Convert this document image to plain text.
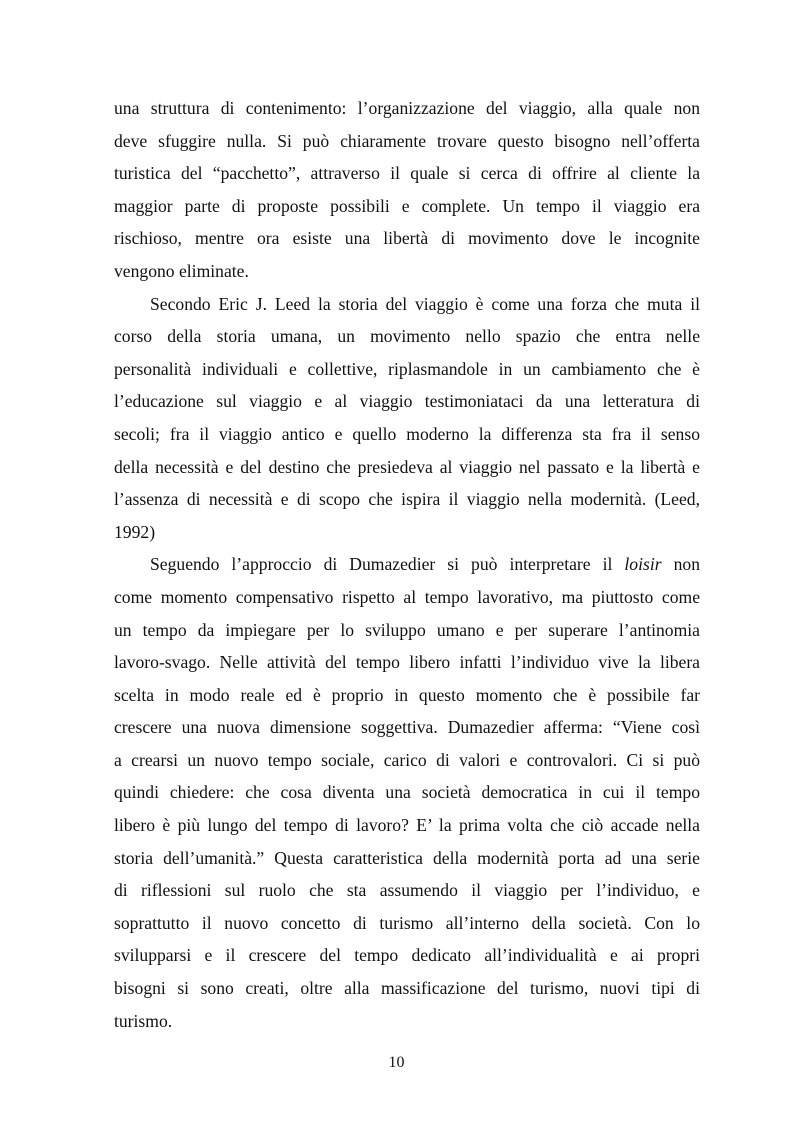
una struttura di contenimento: l’organizzazione del viaggio, alla quale non
deve sfuggire nulla. Si può chiaramente trovare questo bisogno nell’offerta
turistica del “pacchetto”, attraverso il quale si cerca di offrire al cliente la
maggior parte di proposte possibili e complete. Un tempo il viaggio era
rischioso, mentre ora esiste una libertà di movimento dove le incognite
vengono eliminate.
Secondo Eric J. Leed la storia del viaggio è come una forza che muta il
corso della storia umana, un movimento nello spazio che entra nelle
personalità individuali e collettive, riplasmandole in un cambiamento che è
l’educazione sul viaggio e al viaggio testimoniataci da una letteratura di
secoli; fra il viaggio antico e quello moderno la differenza sta fra il senso
della necessità e del destino che presiedeva al viaggio nel passato e la libertà e
l’assenza di necessità e di scopo che ispira il viaggio nella modernità. (Leed,
1992)
Seguendo l’approccio di Dumazedier si può interpretare il loisir non
come momento compensativo rispetto al tempo lavorativo, ma piuttosto come
un tempo da impiegare per lo sviluppo umano e per superare l’antinomia
lavoro-svago. Nelle attività del tempo libero infatti l’individuo vive la libera
scelta in modo reale ed è proprio in questo momento che è possibile far
crescere una nuova dimensione soggettiva. Dumazedier afferma: “Viene così
a crearsi un nuovo tempo sociale, carico di valori e controvalori. Ci si può
quindi chiedere: che cosa diventa una società democratica in cui il tempo
libero è più lungo del tempo di lavoro? E’ la prima volta che ciò accade nella
storia dell’umanità.” Questa caratteristica della modernità porta ad una serie
di riflessioni sul ruolo che sta assumendo il viaggio per l’individuo, e
soprattutto il nuovo concetto di turismo all’interno della società. Con lo
svilupparsi e il crescere del tempo dedicato all’individualità e ai propri
bisogni si sono creati, oltre alla massificazione del turismo, nuovi tipi di
turismo.
10
